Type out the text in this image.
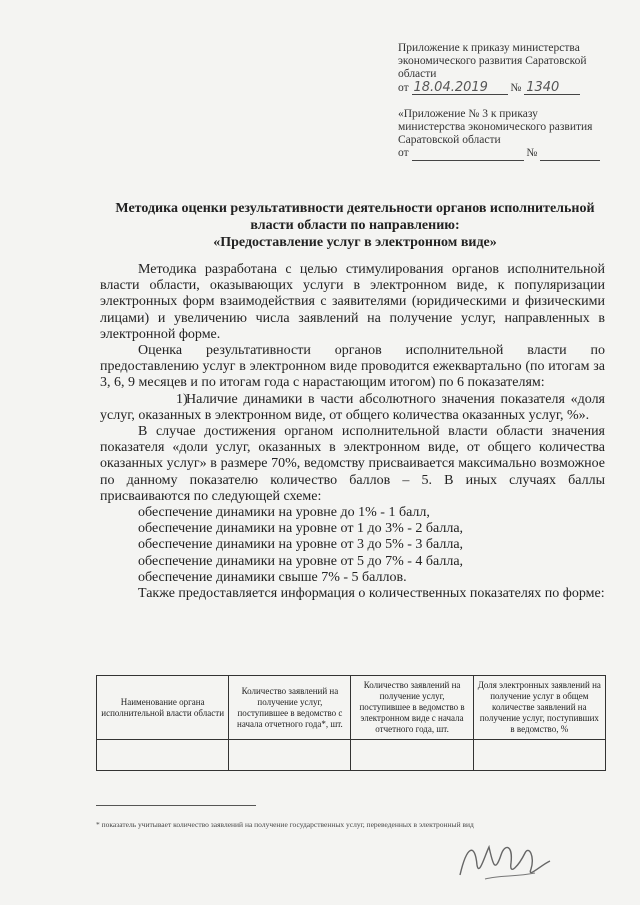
Приложение к приказу министерства
экономического развития Саратовской
области
от 18.04.2019 № 1340
«Приложение № 3 к приказу
министерства экономического развития
Саратовской области
от	№
Методика оценки результативности деятельности органов исполнительной
власти области по направлению:
«Предоставление услуг в электронном виде»

Методика разработана с целью стимулирования органов исполнительной власти области, оказывающих услуги в электронном виде, к популяризации электронных форм взаимодействия с заявителями (юридическими и физическими лицами) и увеличению числа заявлений на получение услуг, направленных в электронной форме.

Оценка результативности органов исполнительной власти по предоставлению услуг в электронном виде проводится ежеквартально (по итогам за 3, 6, 9 месяцев и по итогам года с нарастающим итогом) по 6 показателям:

1)Наличие динамики в части абсолютного значения показателя «доля услуг, оказанных в электронном виде, от общего количества оказанных услуг, %».

В случае достижения органом исполнительной власти области значения показателя «доли услуг, оказанных в электронном виде, от общего количества оказанных услуг» в размере 70%, ведомству присваивается максимально возможное по данному показателю количество баллов – 5. В иных случаях баллы присваиваются по следующей схеме:

обеспечение динамики на уровне до 1% - 1 балл,

обеспечение динамики на уровне от 1 до 3% - 2 балла,

обеспечение динамики на уровне от 3 до 5% - 3 балла,

обеспечение динамики на уровне от 5 до 7% - 4 балла,

обеспечение динамики свыше 7% - 5 баллов.

Также предоставляется информация о количественных показателях по форме:

Наименование органа исполнительной власти области	Количество заявлений на получение услуг, поступившее в ведомство с начала отчетного года*, шт.	Количество заявлений на получение услуг, поступившее в ведомство в электронном виде с начала отчетного года, шт.	Доля электронных заявлений на получение услуг в общем количестве заявлений на получение услуг, поступивших в ведомство, %

* показатель учитывает количество заявлений на получение государственных услуг, переведенных в электронный вид
